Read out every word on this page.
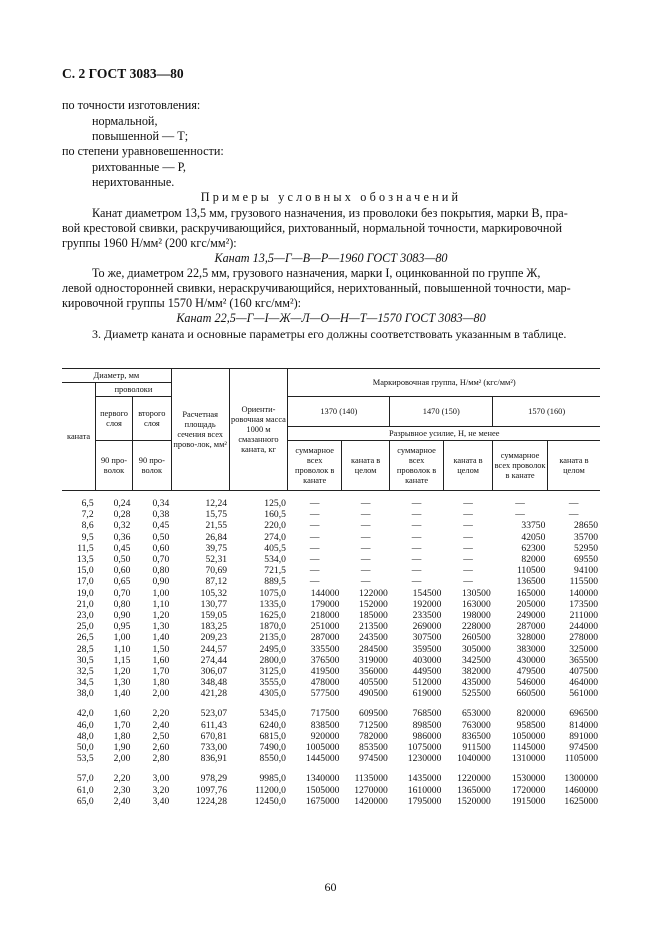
С. 2 ГОСТ 3083—80
по точности изготовления:
нормальной,
повышенной — Т;
по степени уравновешенности:
рихтованные — Р,
нерихтованные.
Примеры условных обозначений
Канат диаметром 13,5 мм, грузового назначения, из проволоки без покрытия, марки В, пра-
вой крестовой свивки, раскручивающийся, рихтованный, нормальной точности, маркировочной
группы 1960 Н/мм² (200 кгс/мм²):
Канат 13,5—Г—В—Р—1960 ГОСТ 3083—80
То же, диаметром 22,5 мм, грузового назначения, марки I, оцинкованной по группе Ж,
левой односторонней свивки, нераскручивающийся, нерихтованный, повышенной точности, мар-
кировочной группы 1570 Н/мм² (160 кгс/мм²):
Канат 22,5—Г—I—Ж—Л—О—Н—Т—1570 ГОСТ 3083—80
3. Диаметр каната и основные параметры его должны соответствовать указанным в таблице.
Диаметр, мм			Расчетная площадь сечения всех прово-лок, мм²	Ориенти-ровочная масса 1000 м смазанного каната, кг	Маркировочная группа, Н/мм² (кгс/мм²)					
каната	проволоки									
	первого слоя	второго слоя			1370 (140)		1470 (150)		1570 (160)	
					Разрывное усилие, Н, не менее					
	90 про-волок	90 про-волок			суммарное всех проволок в канате	каната в целом	суммарное всех проволок в канате	каната в целом	суммарное всех проволок в канате	каната в целом

6,5	0,24	0,34	12,24	125,0	—	—	—	—	—	—
7,2	0,28	0,38	15,75	160,5	—	—	—	—	—	—
8,6	0,32	0,45	21,55	220,0	—	—	—	—	33750	28650
9,5	0,36	0,50	26,84	274,0	—	—	—	—	42050	35700
11,5	0,45	0,60	39,75	405,5	—	—	—	—	62300	52950
13,5	0,50	0,70	52,31	534,0	—	—	—	—	82000	69550
15,0	0,60	0,80	70,69	721,5	—	—	—	—	110500	94100
17,0	0,65	0,90	87,12	889,5	—	—	—	—	136500	115500
19,0	0,70	1,00	105,32	1075,0	144000	122000	154500	130500	165000	140000
21,0	0,80	1,10	130,77	1335,0	179000	152000	192000	163000	205000	173500
23,0	0,90	1,20	159,05	1625,0	218000	185000	233500	198000	249000	211000
25,0	0,95	1,30	183,25	1870,0	251000	213500	269000	228000	287000	244000
26,5	1,00	1,40	209,23	2135,0	287000	243500	307500	260500	328000	278000
28,5	1,10	1,50	244,57	2495,0	335500	284500	359500	305000	383000	325000
30,5	1,15	1,60	274,44	2800,0	376500	319000	403000	342500	430000	365500
32,5	1,20	1,70	306,07	3125,0	419500	356000	449500	382000	479500	407500
34,5	1,30	1,80	348,48	3555,0	478000	405500	512000	435000	546000	464000
38,0	1,40	2,00	421,28	4305,0	577500	490500	619000	525500	660500	561000

42,0	1,60	2,20	523,07	5345,0	717500	609500	768500	653000	820000	696500
46,0	1,70	2,40	611,43	6240,0	838500	712500	898500	763000	958500	814000
48,0	1,80	2,50	670,81	6815,0	920000	782000	986000	836500	1050000	891000
50,0	1,90	2,60	733,00	7490,0	1005000	853500	1075000	911500	1145000	974500
53,5	2,00	2,80	836,91	8550,0	1445000	974500	1230000	1040000	1310000	1105000

57,0	2,20	3,00	978,29	9985,0	1340000	1135000	1435000	1220000	1530000	1300000
61,0	2,30	3,20	1097,76	11200,0	1505000	1270000	1610000	1365000	1720000	1460000
65,0	2,40	3,40	1224,28	12450,0	1675000	1420000	1795000	1520000	1915000	1625000
60
